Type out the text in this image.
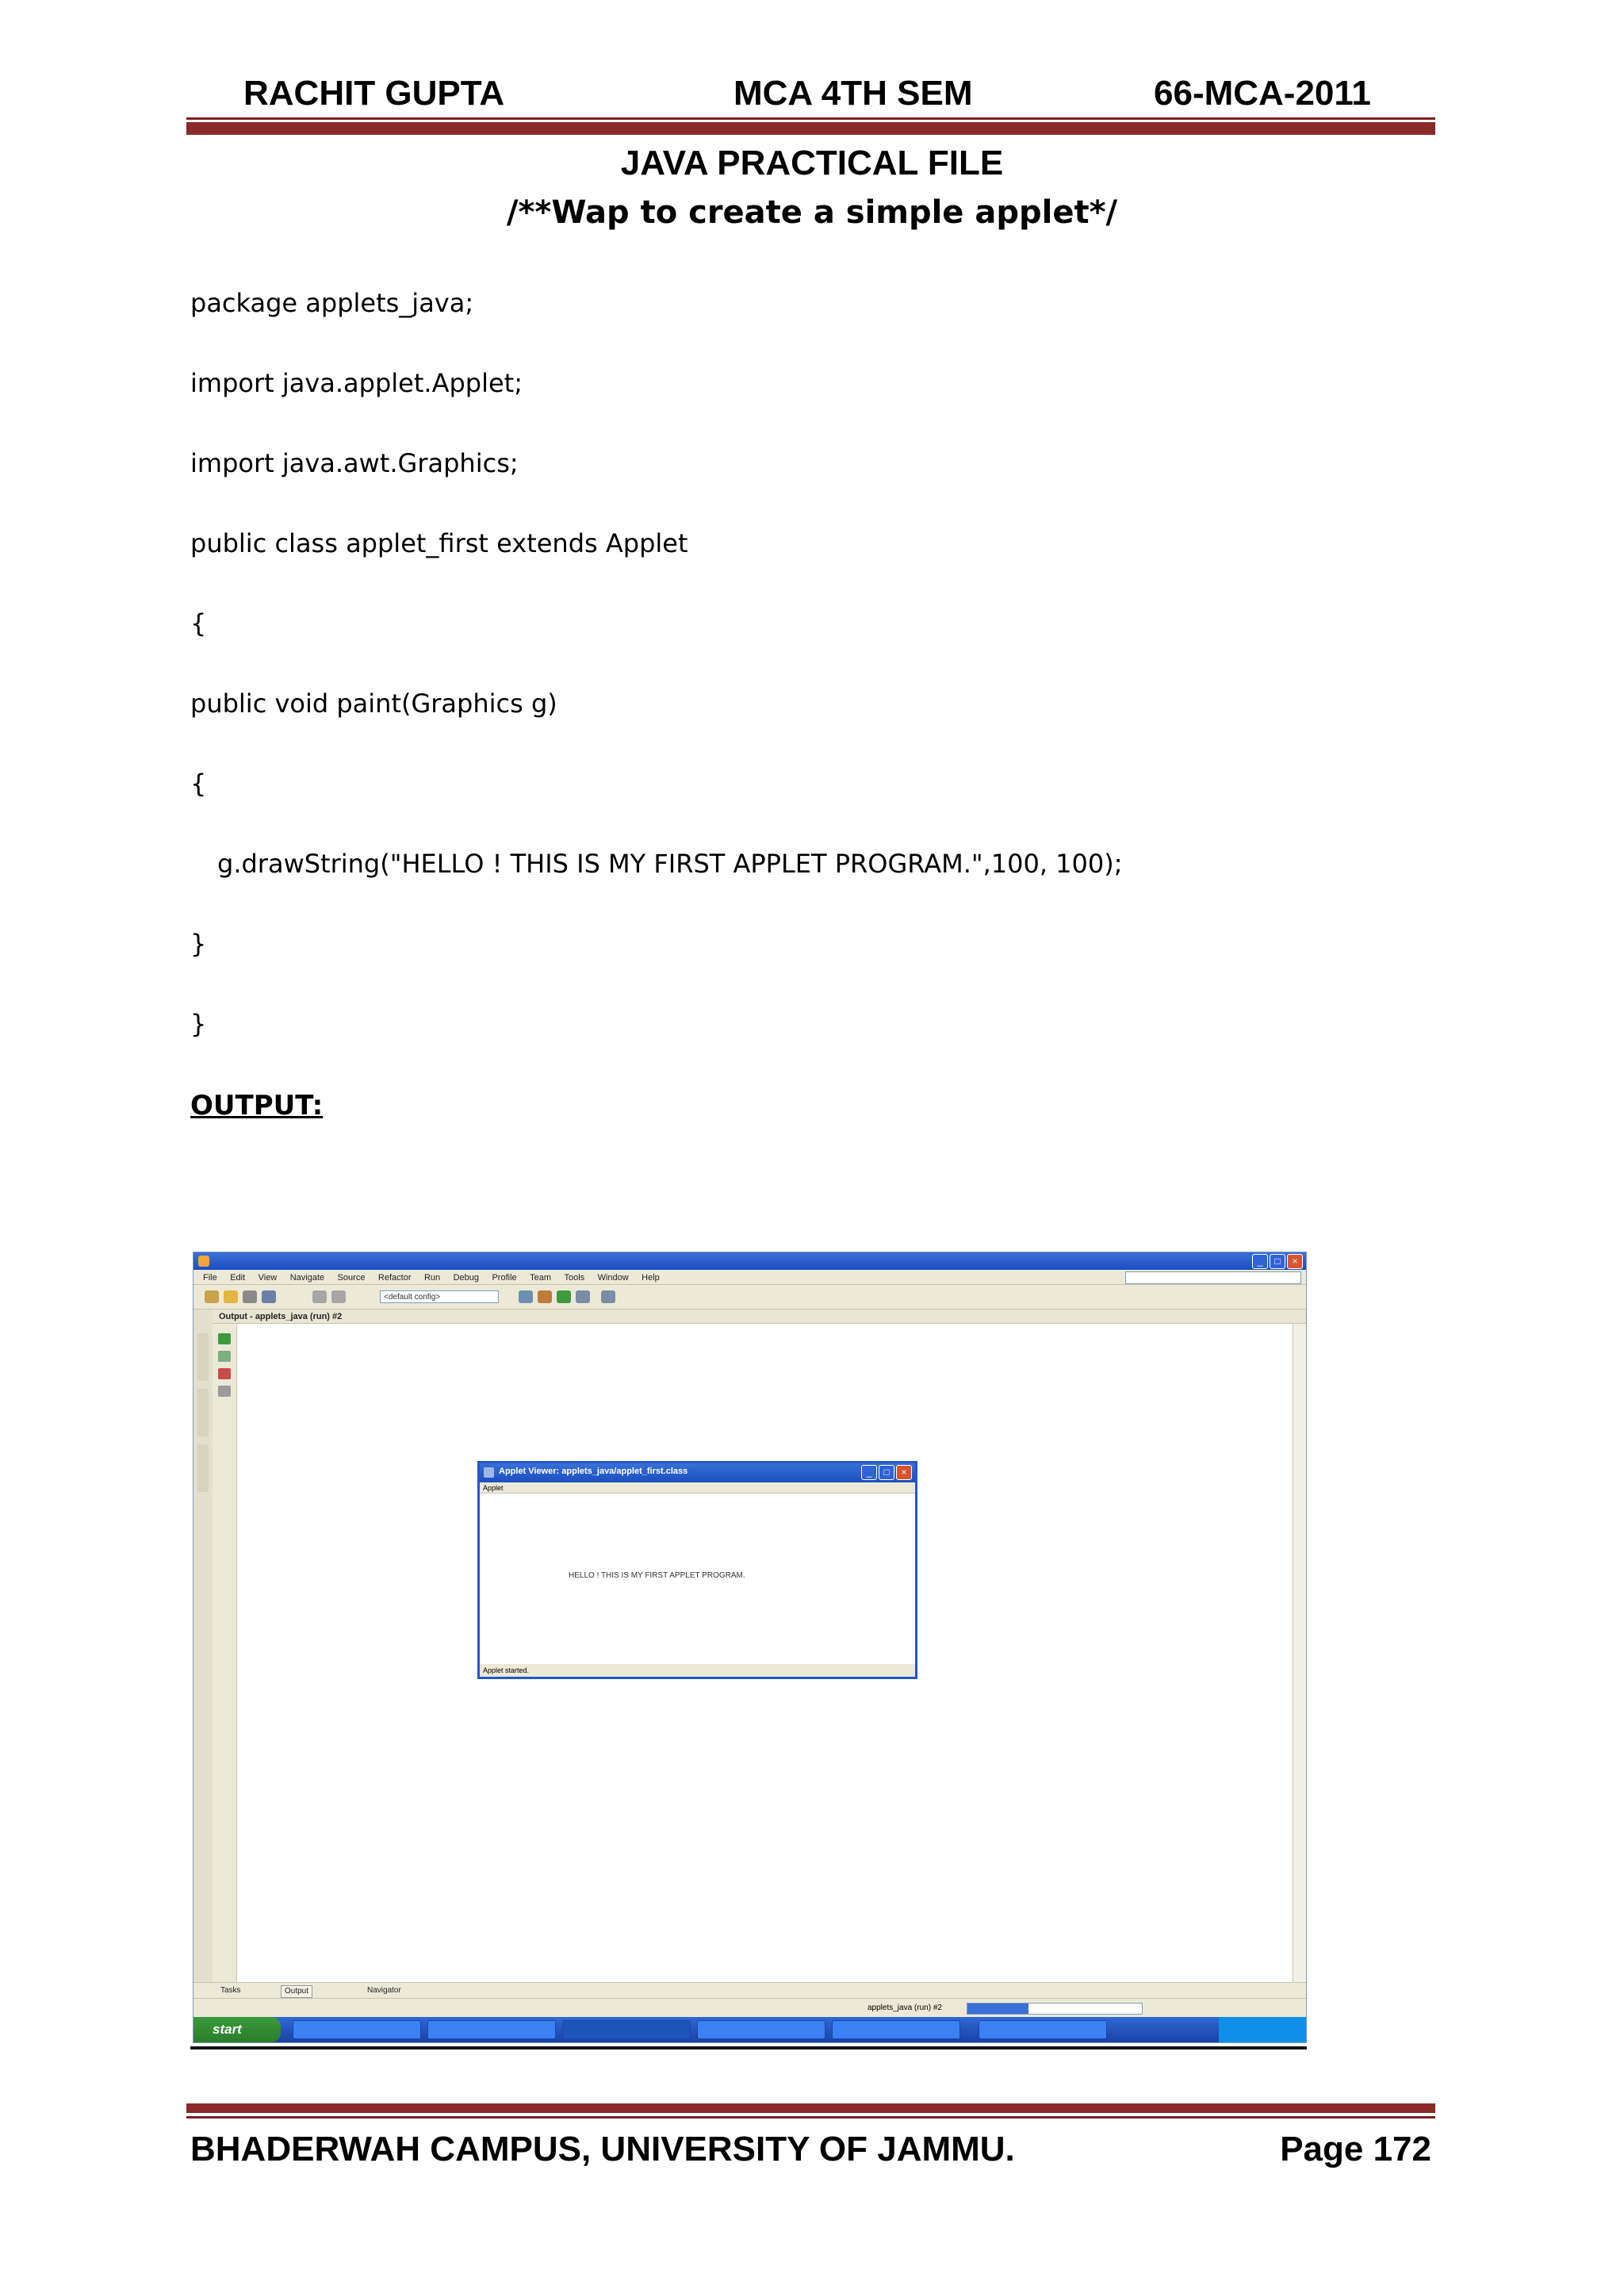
RACHIT GUPTA	MCA 4TH SEM	66-MCA-2011
JAVA PRACTICAL FILE
/**Wap to create a simple applet*/
package applets_java;
import java.applet.Applet;
import java.awt.Graphics;
public class applet_first extends Applet
{
public void paint(Graphics g)
{
g.drawString("HELLO ! THIS IS MY FIRST APPLET PROGRAM.",100, 100);
}
}
OUTPUT:
_ □ ×
File Edit View Navigate Source Refactor Run Debug Profile Team Tools Window Help
<default config>
Output - applets_java (run) #2
Applet Viewer: applets_java/applet_first.class	_ □ ×
Applet
HELLO ! THIS IS MY FIRST APPLET PROGRAM.
Applet started.
Tasks	Output	Navigator
applets_java (run) #2
start
BHADERWAH CAMPUS, UNIVERSITY OF JAMMU.	Page 172
